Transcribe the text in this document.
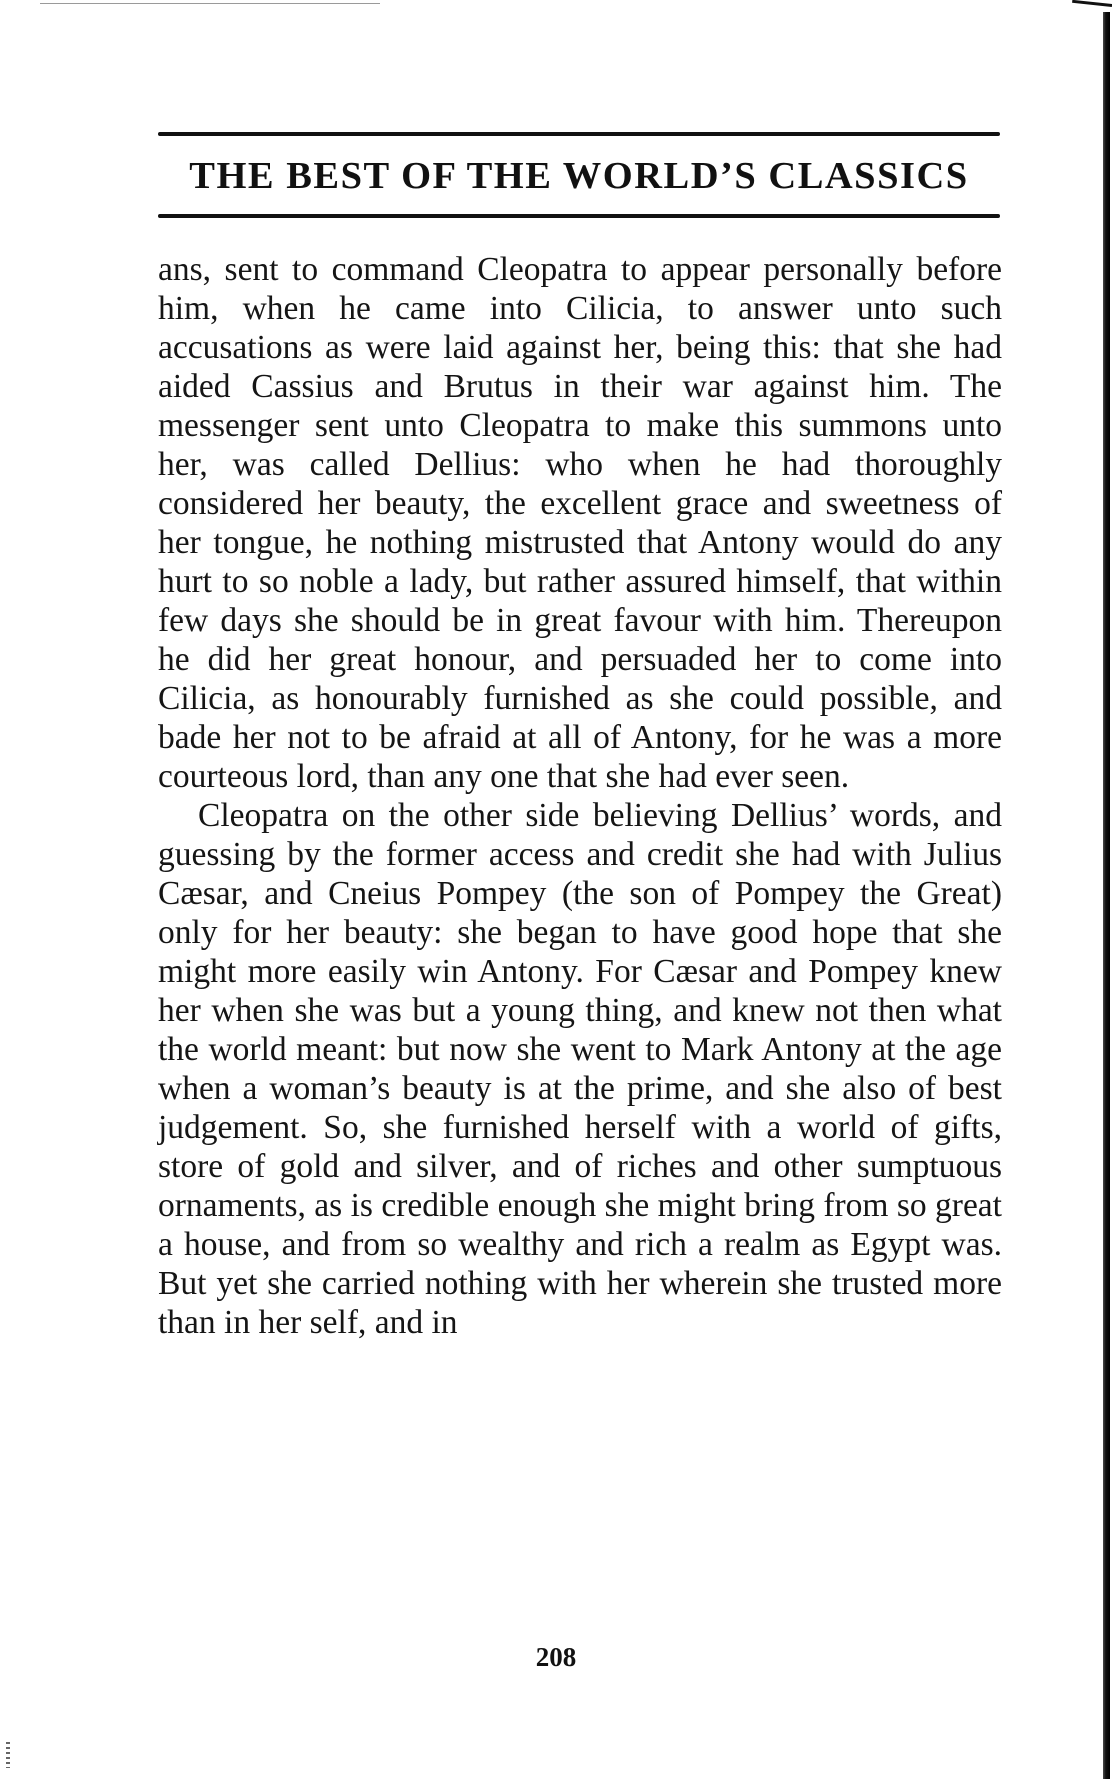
THE BEST OF THE WORLD’S CLASSICS

ans, sent to command Cleopatra to appear personally before him, when he came into Cilicia, to answer unto such accusations as were laid against her, being this: that she had aided Cassius and Brutus in their war against him. The messenger sent unto Cleopatra to make this summons unto her, was called Dellius: who when he had thoroughly considered her beauty, the excellent grace and sweetness of her tongue, he nothing mistrusted that Antony would do any hurt to so noble a lady, but rather assured himself, that within few days she should be in great favour with him. Thereupon he did her great honour, and persuaded her to come into Cilicia, as honourably furnished as she could possible, and bade her not to be afraid at all of Antony, for he was a more courteous lord, than any one that she had ever seen.

Cleopatra on the other side believing Dellius’ words, and guessing by the former access and credit she had with Julius Cæsar, and Cneius Pompey (the son of Pompey the Great) only for her beauty: she began to have good hope that she might more easily win Antony. For Cæsar and Pompey knew her when she was but a young thing, and knew not then what the world meant: but now she went to Mark Antony at the age when a woman’s beauty is at the prime, and she also of best judgement. So, she furnished herself with a world of gifts, store of gold and silver, and of riches and other sumptuous ornaments, as is credible enough she might bring from so great a house, and from so wealthy and rich a realm as Egypt was. But yet she carried nothing with her wherein she trusted more than in her self, and in

208
